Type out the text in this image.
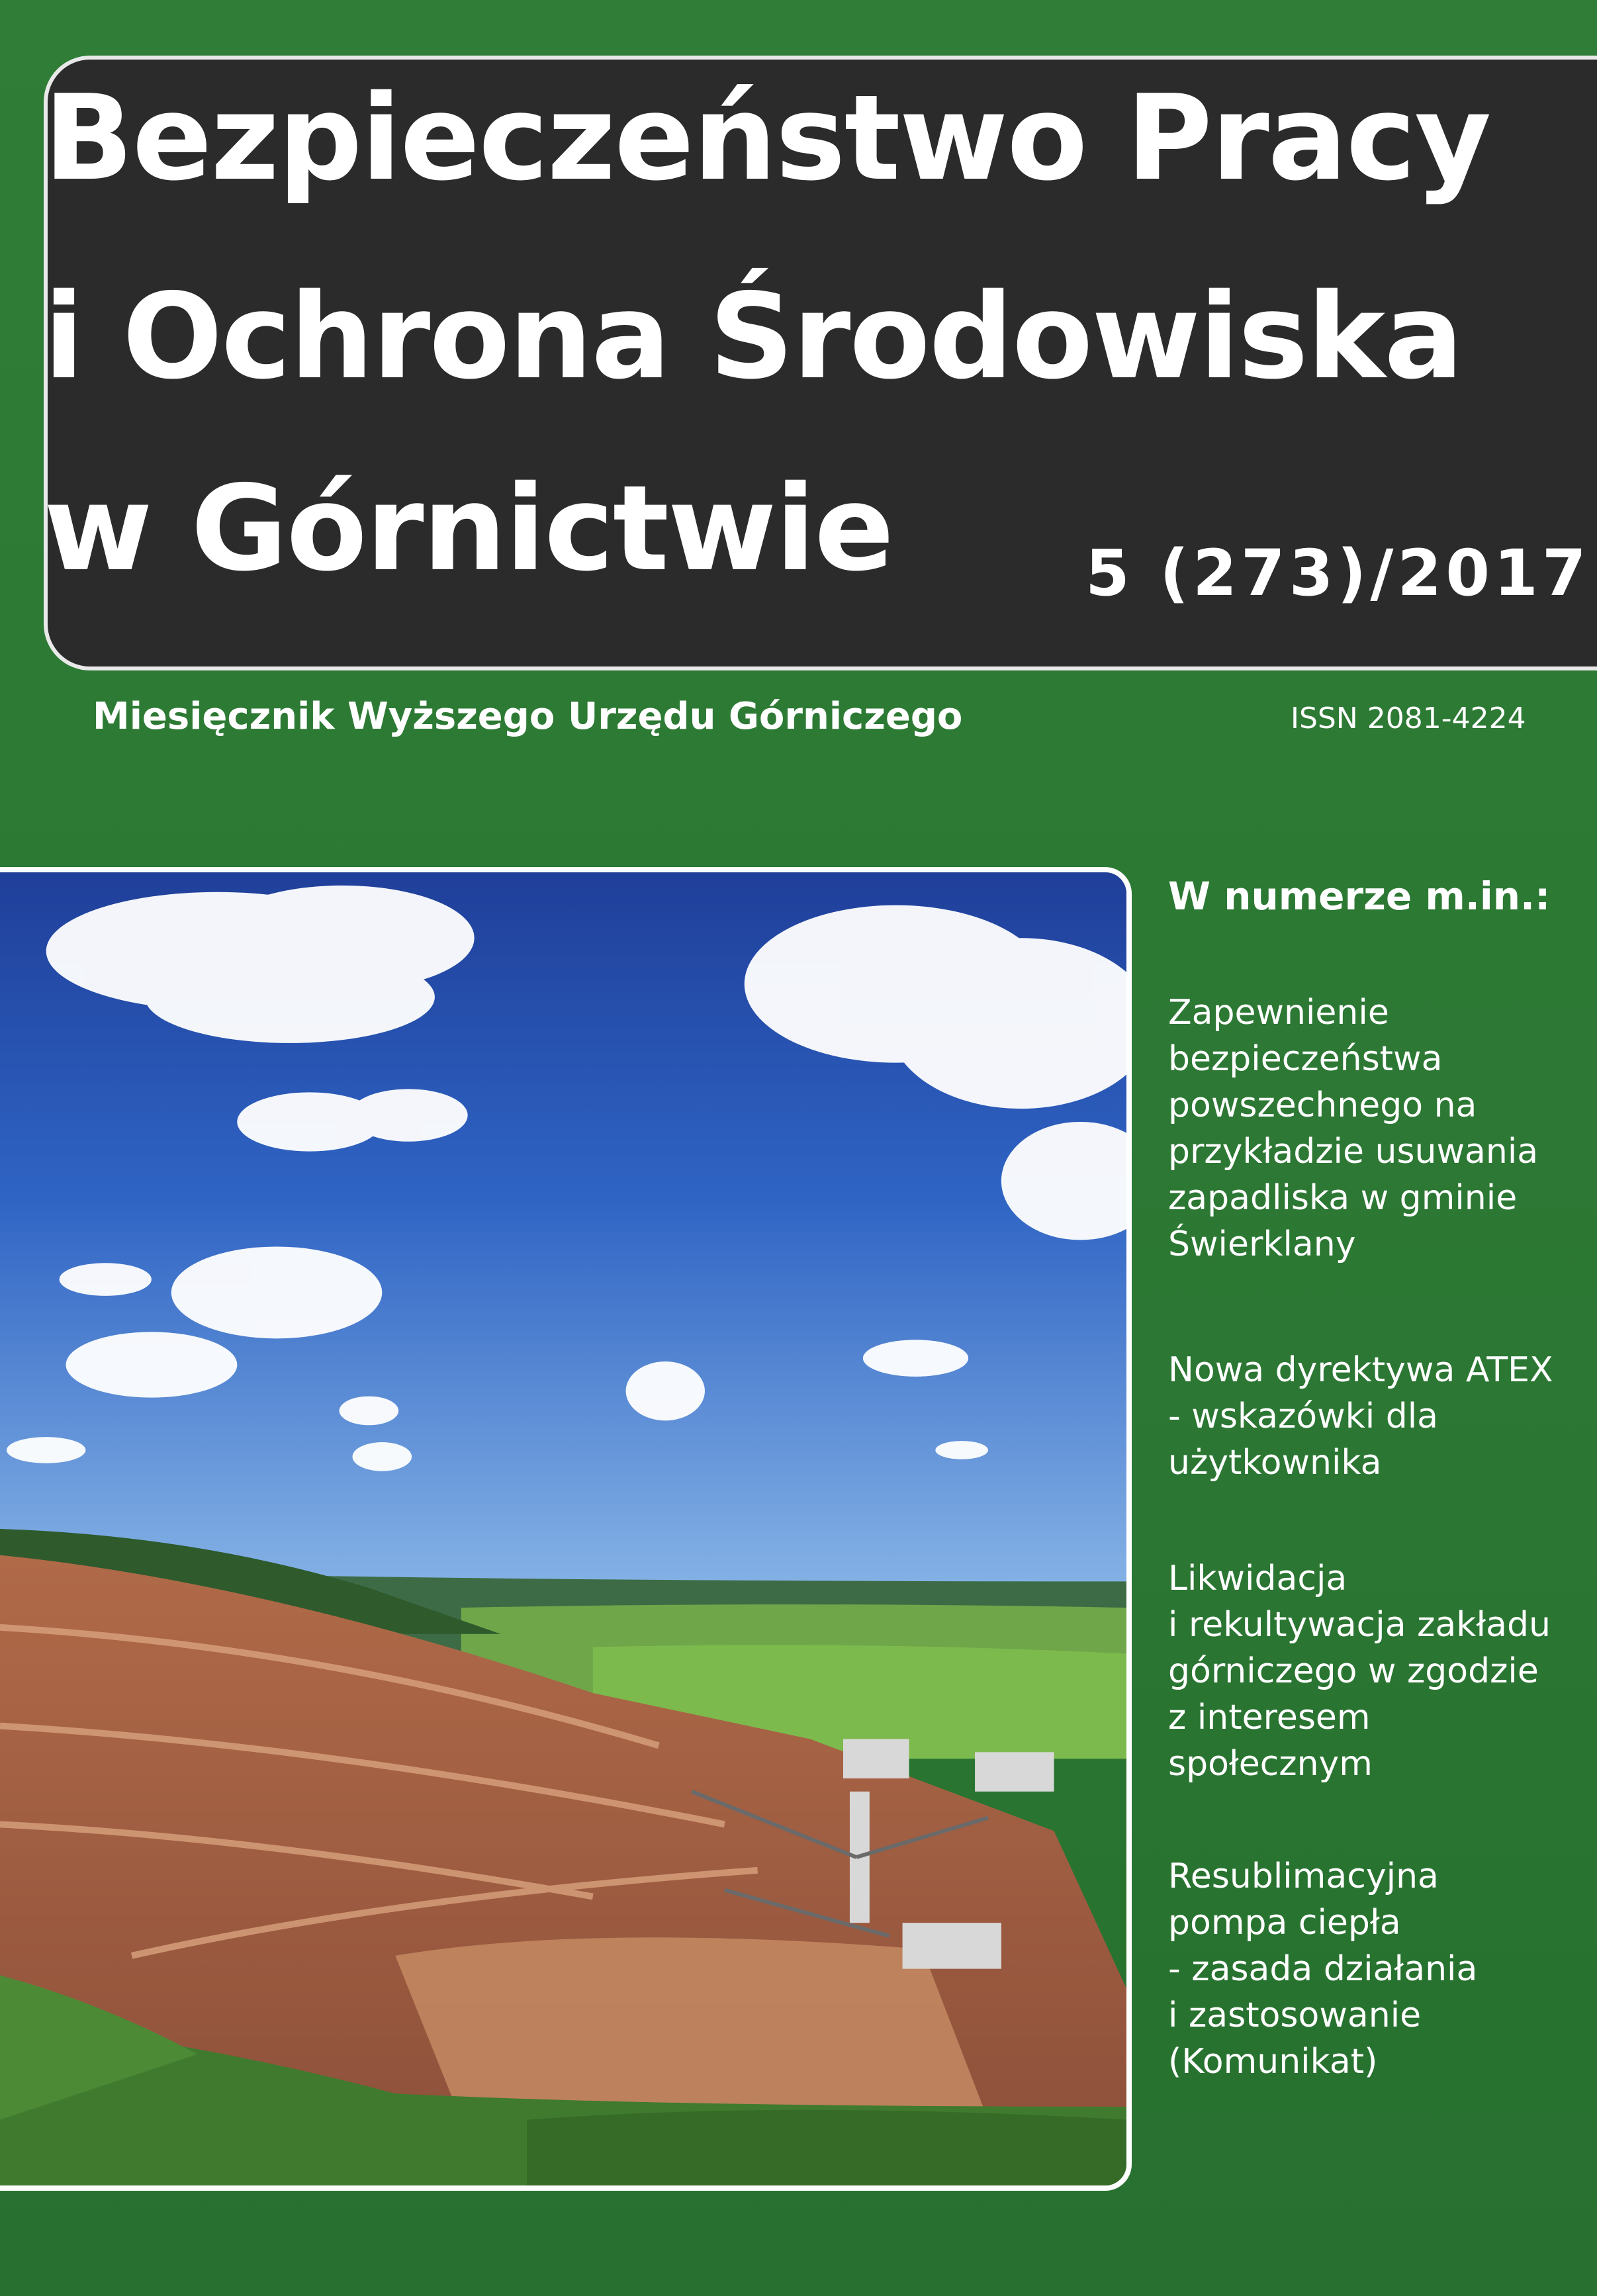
Bezpieczeństwo Pracy
i Ochrona Środowiska
w Górnictwie	5 (273)/2017
Miesięcznik Wyższego Urzędu Górniczego	ISSN 2081-4224
W numerze m.in.:
Zapewnienie
bezpieczeństwa
powszechnego na
przykładzie usuwania
zapadliska w gminie
Świerklany
Nowa dyrektywa ATEX
- wskazówki dla
użytkownika
Likwidacja
i rekultywacja zakładu
górniczego w zgodzie
z interesem
społecznym
Resublimacyjna
pompa ciepła
- zasada działania
i zastosowanie
(Komunikat)
